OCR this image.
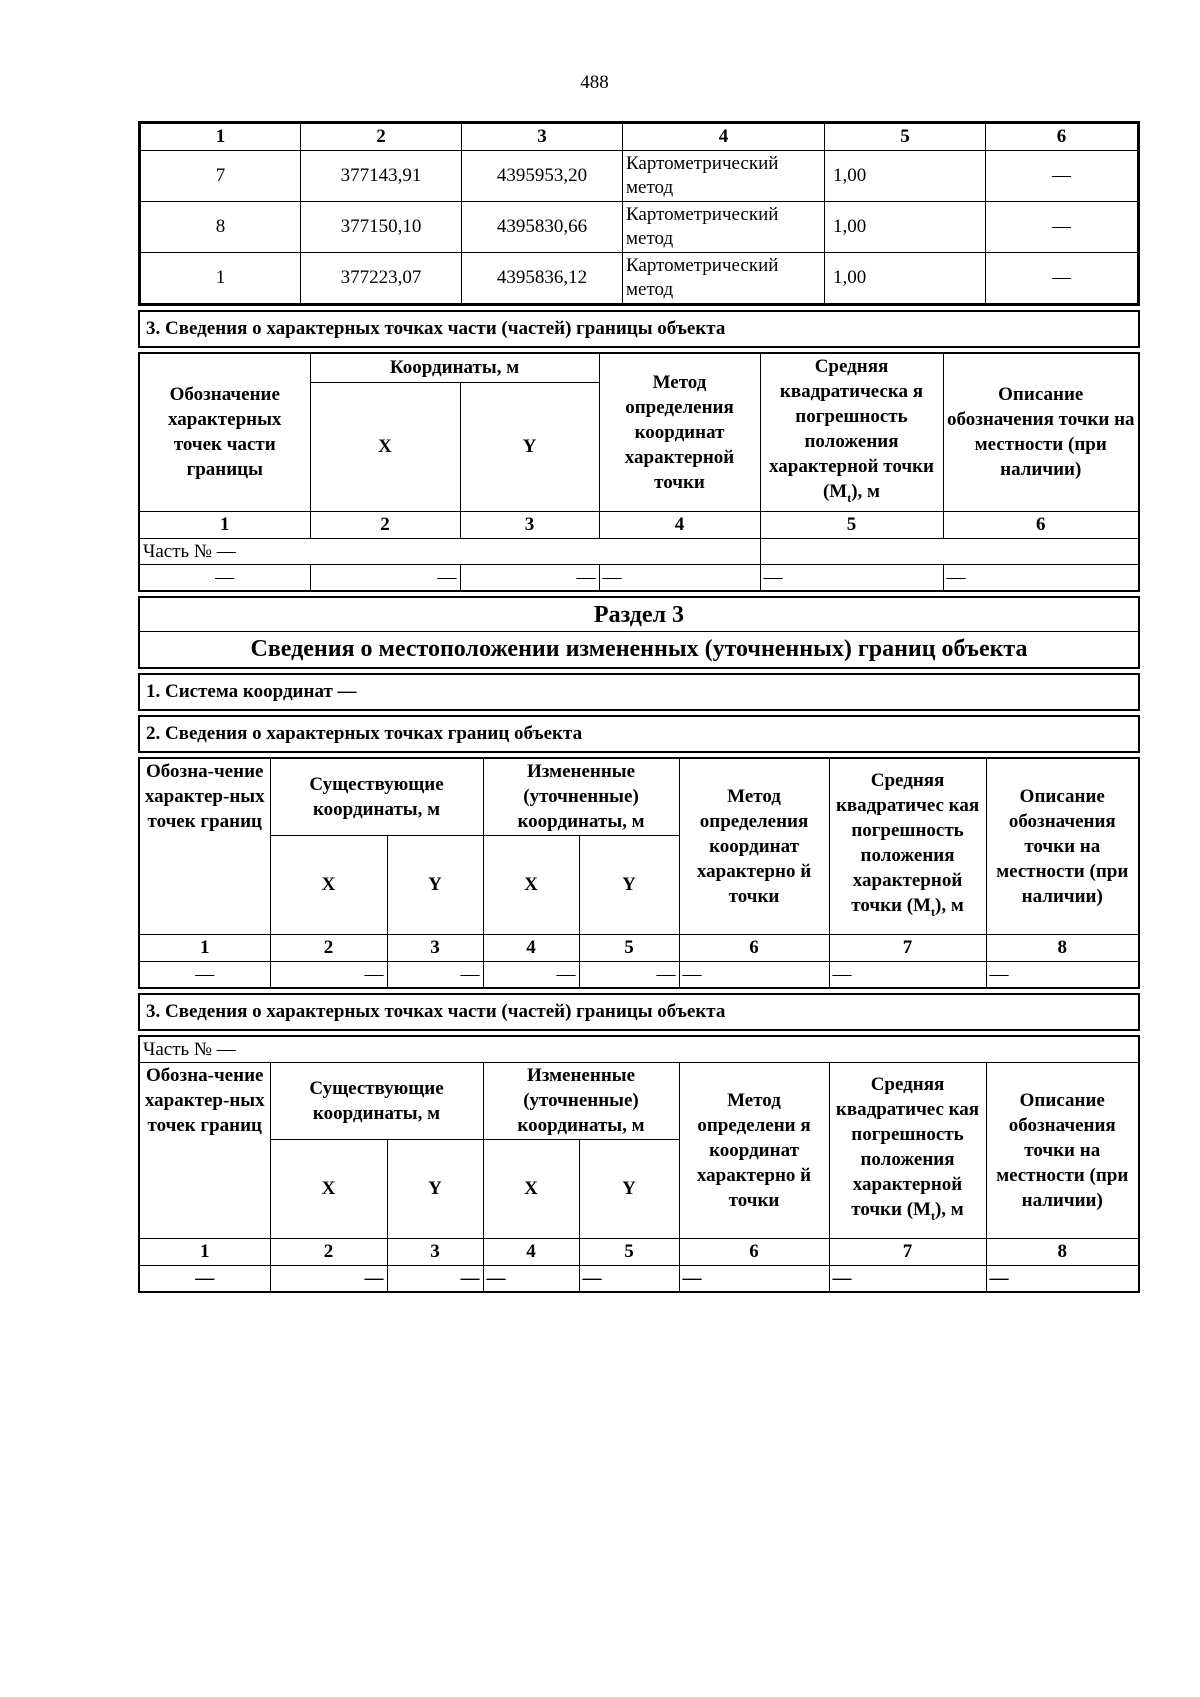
488
1	2	3	4	5	6
7	377143,91	4395953,20	Картометрический метод	1,00	—
8	377150,10	4395830,66	Картометрический метод	1,00	—
1	377223,07	4395836,12	Картометрический метод	1,00	—
3. Сведения о характерных точках части (частей) границы объекта
Обозначение характерных точек части границы	Координаты, м		Метод определения координат характерной точки	Средняя квадратическа я погрешность положения характерной точки $(M_t)$, м	Описание обозначения точки на местности (при наличии)
	X	Y			
1	2	3	4	5	6
Часть № —					
—	—	—	—	—	—
Раздел 3
Сведения о местоположении измененных (уточненных) границ объекта
1. Система координат —
2. Сведения о характерных точках границ объекта
Обозна-чение характер-ных точек границ	Существующие координаты, м		Измененные (уточненные) координаты, м		Метод определения координат характерно й точки	Средняя квадратичес кая погрешность положения характерной точки $(M_t)$, м	Описание обозначения точки на местности (при наличии)
	X	Y	X	Y			
1	2	3	4	5	6	7	8
—	—	—	—	—	—	—	—
3. Сведения о характерных точках части (частей) границы объекта
Часть № —							
Обозна-чение характер-ных точек границ	Существующие координаты, м		Измененные (уточненные) координаты, м		Метод определени я координат характерно й точки	Средняя квадратичес кая погрешность положения характерной точки $(M_t)$, м	Описание обозначения точки на местности (при наличии)
	X	Y	X	Y			
1	2	3	4	5	6	7	8
—	—	—	—	—	—	—	—
